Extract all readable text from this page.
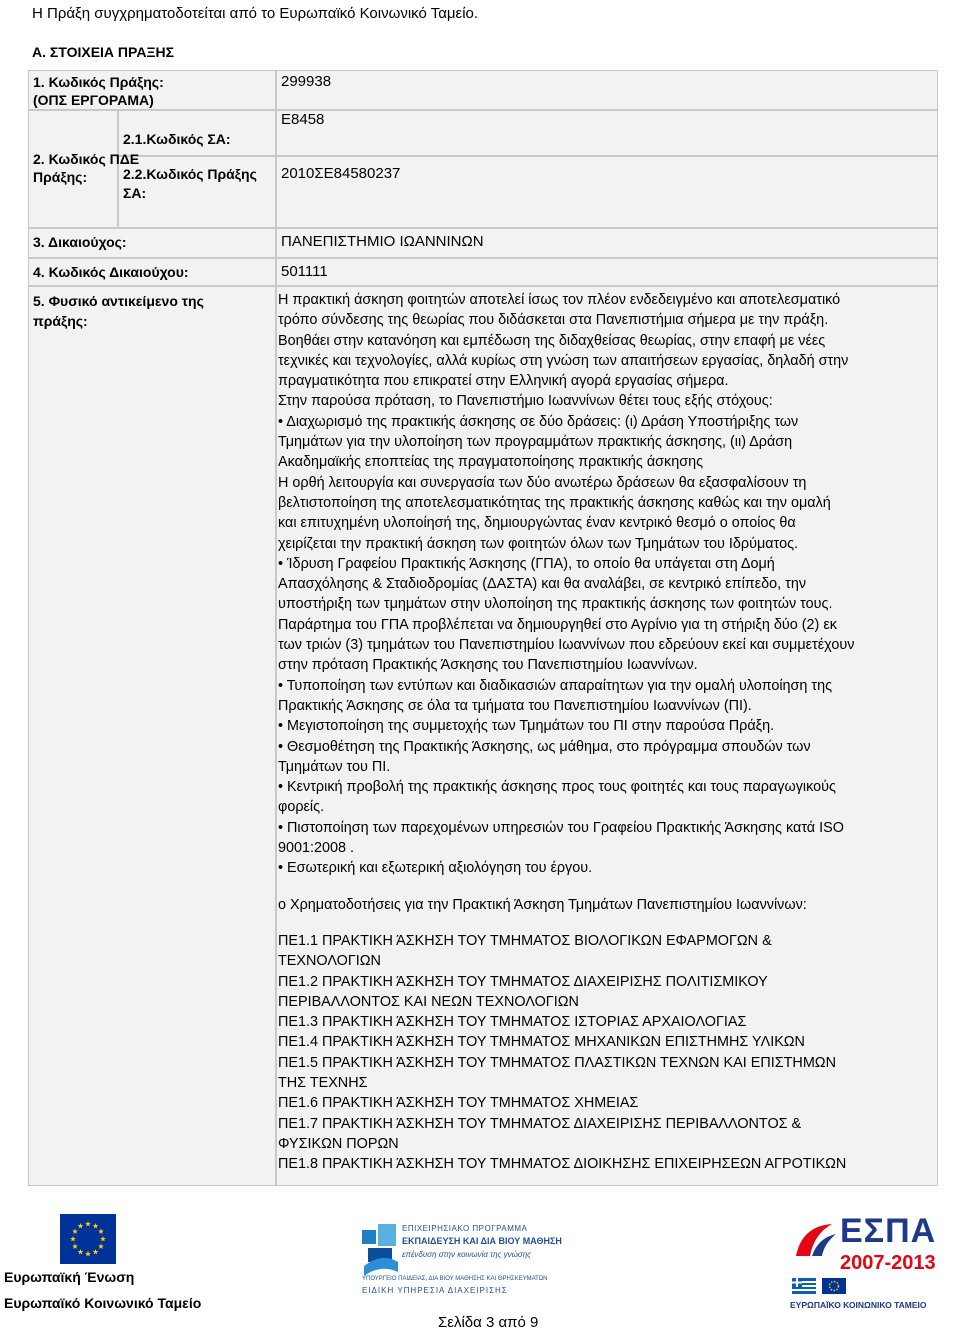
Η Πράξη συγχρηματοδοτείται από το Ευρωπαϊκό Κοινωνικό Ταμείο.
Α. ΣΤΟΙΧΕΙΑ ΠΡΑΞΗΣ
1. Κωδικός Πράξης:
(ΟΠΣ ΕΡΓΟΡΑΜΑ)
299938
2. Κωδικός ΠΔΕ
Πράξης:
2.1.Κωδικός ΣΑ:
Ε8458
2.2.Κωδικός Πράξης
ΣΑ:
2010ΣΕ84580237
3. Δικαιούχος:	ΠΑΝΕΠΙΣΤΗΜΙΟ ΙΩΑΝΝΙΝΩΝ
4. Κωδικός Δικαιούχου:	501111
5. Φυσικό αντικείμενο της
πράξης:
Η πρακτική άσκηση φοιτητών αποτελεί ίσως τον πλέον ενδεδειγμένο και αποτελεσματικό
τρόπο σύνδεσης της θεωρίας που διδάσκεται στα Πανεπιστήμια σήμερα με την πράξη.
Βοηθάει στην κατανόηση και εμπέδωση της διδαχθείσας θεωρίας, στην επαφή με νέες
τεχνικές και τεχνολογίες, αλλά κυρίως στη γνώση των απαιτήσεων εργασίας, δηλαδή στην
πραγματικότητα που επικρατεί στην Ελληνική αγορά εργασίας σήμερα.
Στην παρούσα πρόταση, το Πανεπιστήμιο Ιωαννίνων θέτει τους εξής στόχους:
• Διαχωρισμό της πρακτικής άσκησης σε δύο δράσεις: (ι) Δράση Υποστήριξης των
Τμημάτων για την υλοποίηση των προγραμμάτων πρακτικής άσκησης, (ιι) Δράση
Ακαδημαϊκής εποπτείας της πραγματοποίησης πρακτικής άσκησης
Η ορθή λειτουργία και συνεργασία των δύο ανωτέρω δράσεων θα εξασφαλίσουν τη
βελτιστοποίηση της αποτελεσματικότητας της πρακτικής άσκησης καθώς και την ομαλή
και επιτυχημένη υλοποίησή της, δημιουργώντας έναν κεντρικό θεσμό ο οποίος θα
χειρίζεται την πρακτική άσκηση των φοιτητών όλων των Τμημάτων του Ιδρύματος.
• Ίδρυση Γραφείου Πρακτικής Άσκησης (ΓΠΑ), το οποίο θα υπάγεται στη Δομή
Απασχόλησης & Σταδιοδρομίας (ΔΑΣΤΑ) και θα αναλάβει, σε κεντρικό επίπεδο, την
υποστήριξη των τμημάτων στην υλοποίηση της πρακτικής άσκησης των φοιτητών τους.
Παράρτημα του ΓΠΑ προβλέπεται να δημιουργηθεί στο Αγρίνιο για τη στήριξη δύο (2) εκ
των τριών (3) τμημάτων του Πανεπιστημίου Ιωαννίνων που εδρεύουν εκεί και συμμετέχουν
στην πρόταση Πρακτικής Άσκησης του Πανεπιστημίου Ιωαννίνων.
• Τυποποίηση των εντύπων και διαδικασιών απαραίτητων για την ομαλή υλοποίηση της
Πρακτικής Άσκησης σε όλα τα τμήματα του Πανεπιστημίου Ιωαννίνων (ΠΙ).
• Μεγιστοποίηση της συμμετοχής των Τμημάτων του ΠΙ στην παρούσα Πράξη.
• Θεσμοθέτηση της Πρακτικής Άσκησης, ως μάθημα, στο πρόγραμμα σπουδών των
Τμημάτων του ΠΙ.
• Κεντρική προβολή της πρακτικής άσκησης προς τους φοιτητές και τους παραγωγικούς
φορείς.
• Πιστοποίηση των παρεχομένων υπηρεσιών του Γραφείου Πρακτικής Άσκησης κατά ISO
9001:2008 .
• Εσωτερική και εξωτερική αξιολόγηση του έργου.
ο Χρηματοδοτήσεις για την Πρακτική Άσκηση Τμημάτων Πανεπιστημίου Ιωαννίνων:
ΠΕ1.1 ΠΡΑΚΤΙΚΗ ΆΣΚΗΣΗ ΤΟΥ ΤΜΗΜΑΤΟΣ ΒΙΟΛΟΓΙΚΩΝ ΕΦΑΡΜΟΓΩΝ &
ΤΕΧΝΟΛΟΓΙΩΝ
ΠΕ1.2 ΠΡΑΚΤΙΚΗ ΆΣΚΗΣΗ ΤΟΥ ΤΜΗΜΑΤΟΣ ΔΙΑΧΕΙΡΙΣΗΣ ΠΟΛΙΤΙΣΜΙΚΟΥ
ΠΕΡΙΒΑΛΛΟΝΤΟΣ ΚΑΙ ΝΕΩΝ ΤΕΧΝΟΛΟΓΙΩΝ
ΠΕ1.3 ΠΡΑΚΤΙΚΗ ΆΣΚΗΣΗ ΤΟΥ ΤΜΗΜΑΤΟΣ ΙΣΤΟΡΙΑΣ ΑΡΧΑΙΟΛΟΓΙΑΣ
ΠΕ1.4 ΠΡΑΚΤΙΚΗ ΆΣΚΗΣΗ ΤΟΥ ΤΜΗΜΑΤΟΣ ΜΗΧΑΝΙΚΩΝ ΕΠΙΣΤΗΜΗΣ ΥΛΙΚΩΝ
ΠΕ1.5 ΠΡΑΚΤΙΚΗ ΆΣΚΗΣΗ ΤΟΥ ΤΜΗΜΑΤΟΣ ΠΛΑΣΤΙΚΩΝ ΤΕΧΝΩΝ ΚΑΙ ΕΠΙΣΤΗΜΩΝ
ΤΗΣ ΤΕΧΝΗΣ
ΠΕ1.6 ΠΡΑΚΤΙΚΗ ΆΣΚΗΣΗ ΤΟΥ ΤΜΗΜΑΤΟΣ ΧΗΜΕΙΑΣ
ΠΕ1.7 ΠΡΑΚΤΙΚΗ ΆΣΚΗΣΗ ΤΟΥ ΤΜΗΜΑΤΟΣ ΔΙΑΧΕΙΡΙΣΗΣ ΠΕΡΙΒΑΛΛΟΝΤΟΣ &
ΦΥΣΙΚΩΝ ΠΟΡΩΝ
ΠΕ1.8 ΠΡΑΚΤΙΚΗ ΆΣΚΗΣΗ ΤΟΥ ΤΜΗΜΑΤΟΣ ΔΙΟΙΚΗΣΗΣ ΕΠΙΧΕΙΡΗΣΕΩΝ ΑΓΡΟΤΙΚΩΝ
Ευρωπαϊκή Ένωση
Ευρωπαϊκό Κοινωνικό Ταμείο
ΕΠΙΧΕΙΡΗΣΙΑΚΟ ΠΡΟΓΡΑΜΜΑ
ΕΚΠΑΙΔΕΥΣΗ ΚΑΙ ΔΙΑ ΒΙΟΥ ΜΑΘΗΣΗ
επένδυση στην κοινωνία της γνώσης
ΥΠΟΥΡΓΕΙΟ ΠΑΙΔΕΙΑΣ, ΔΙΑ ΒΙΟΥ ΜΑΘΗΣΗΣ ΚΑΙ ΘΡΗΣΚΕΥΜΑΤΩΝ
ΕΙΔΙΚΗ ΥΠΗΡΕΣΙΑ ΔΙΑΧΕΙΡΙΣΗΣ
ΕΣΠΑ
2007-2013
ΕΥΡΩΠΑΪΚΟ ΚΟΙΝΩΝΙΚΟ ΤΑΜΕΙΟ
Σελίδα 3 από 9
